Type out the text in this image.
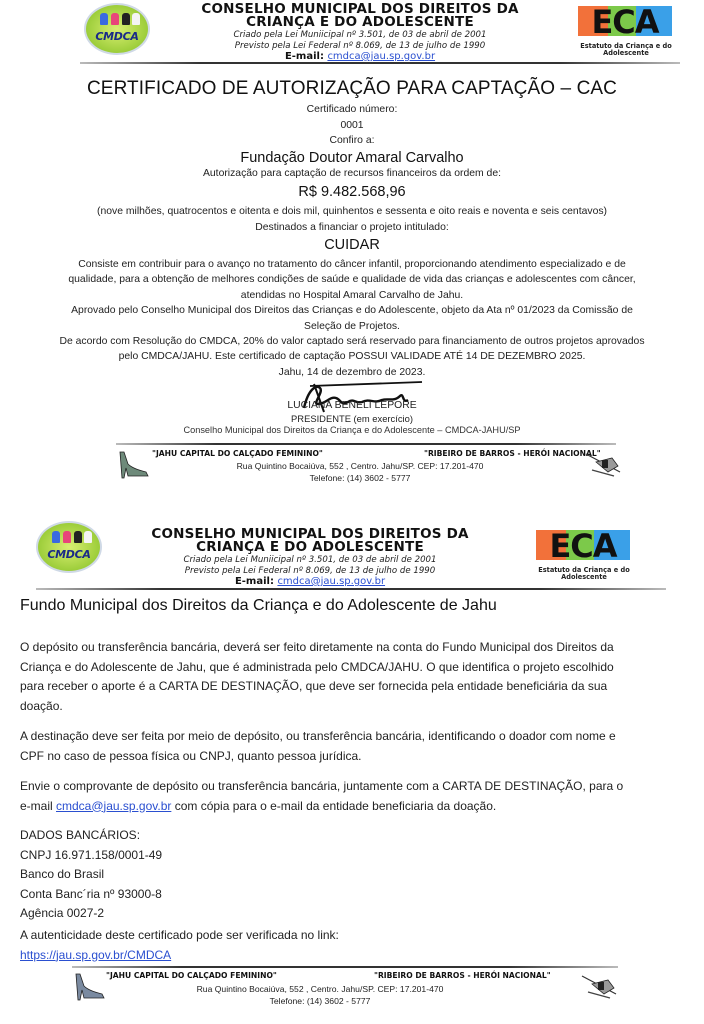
CMDCA
CONSELHO MUNICIPAL DOS DIREITOS DA
CRIANÇA E DO ADOLESCENTE
Criado pela Lei Muniicipal nº 3.501, de 03 de abril de 2001
Previsto pela Lei Federal nº 8.069, de 13 de julho de 1990
E-mail: cmdca@jau.sp.gov.br
ECA
Estatuto da Criança e do
Adolescente
CERTIFICADO DE AUTORIZAÇÃO PARA CAPTAÇÃO – CAC
Certificado número:
0001
Confiro a:
Fundação Doutor Amaral Carvalho
Autorização para captação de recursos financeiros da ordem de:
R$ 9.482.568,96
(nove milhões, quatrocentos e oitenta e dois mil, quinhentos e sessenta e oito reais e noventa e seis centavos)
Destinados a financiar o projeto intitulado:
CUIDAR
Consiste em contribuir para o avanço no tratamento do câncer infantil, proporcionando atendimento especializado e de
qualidade, para a obtenção de melhores condições de saúde e qualidade de vida das crianças e adolescentes com câncer,
atendidas no Hospital Amaral Carvalho de Jahu.
Aprovado pelo Conselho Municipal dos Direitos das Crianças e do Adolescente, objeto da Ata nº 01/2023 da Comissão de
Seleção de Projetos.
De acordo com Resolução do CMDCA, 20% do valor captado será reservado para financiamento de outros projetos aprovados
pelo CMDCA/JAHU. Este certificado de captação POSSUI VALIDADE ATÉ 14 DE DEZEMBRO 2025.
Jahu, 14 de dezembro de 2023.
LUCIANA BENELI LEPORE
PRESIDENTE (em exercício)
Conselho Municipal dos Direitos da Criança e do Adolescente – CMDCA-JAHU/SP
"JAHU CAPITAL DO CALÇADO FEMININO"	"RIBEIRO DE BARROS - HERÓI NACIONAL"
Rua Quintino Bocaiúva, 552 , Centro. Jahu/SP. CEP: 17.201-470
Telefone: (14) 3602 - 5777
CMDCA
CONSELHO MUNICIPAL DOS DIREITOS DA
CRIANÇA E DO ADOLESCENTE
Criado pela Lei Muniicipal nº 3.501, de 03 de abril de 2001
Previsto pela Lei Federal nº 8.069, de 13 de julho de 1990
E-mail: cmdca@jau.sp.gov.br
ECA
Estatuto da Criança e do
Adolescente
Fundo Municipal dos Direitos da Criança e do Adolescente de Jahu
O depósito ou transferência bancária, deverá ser feito diretamente na conta do Fundo Municipal dos Direitos da
Criança e do Adolescente de Jahu, que é administrada pelo CMDCA/JAHU. O que identifica o projeto escolhido
para receber o aporte é a CARTA DE DESTINAÇÃO, que deve ser fornecida pela entidade beneficiária da sua
doação.
A destinação deve ser feita por meio de depósito, ou transferência bancária, identificando o doador com nome e
CPF no caso de pessoa física ou CNPJ, quanto pessoa jurídica.
Envie o comprovante de depósito ou transferência bancária, juntamente com a CARTA DE DESTINAÇÃO, para o
e-mail cmdca@jau.sp.gov.br com cópia para o e-mail da entidade beneficiaria da doação.
DADOS BANCÁRIOS:
CNPJ 16.971.158/0001-49
Banco do Brasil
Conta Banc´ria nº 93000-8
Agência 0027-2
A autenticidade deste certificado pode ser verificada no link:
https://jau.sp.gov.br/CMDCA
"JAHU CAPITAL DO CALÇADO FEMININO"	"RIBEIRO DE BARROS - HERÓI NACIONAL"
Rua Quintino Bocaiúva, 552 , Centro. Jahu/SP. CEP: 17.201-470
Telefone: (14) 3602 - 5777
